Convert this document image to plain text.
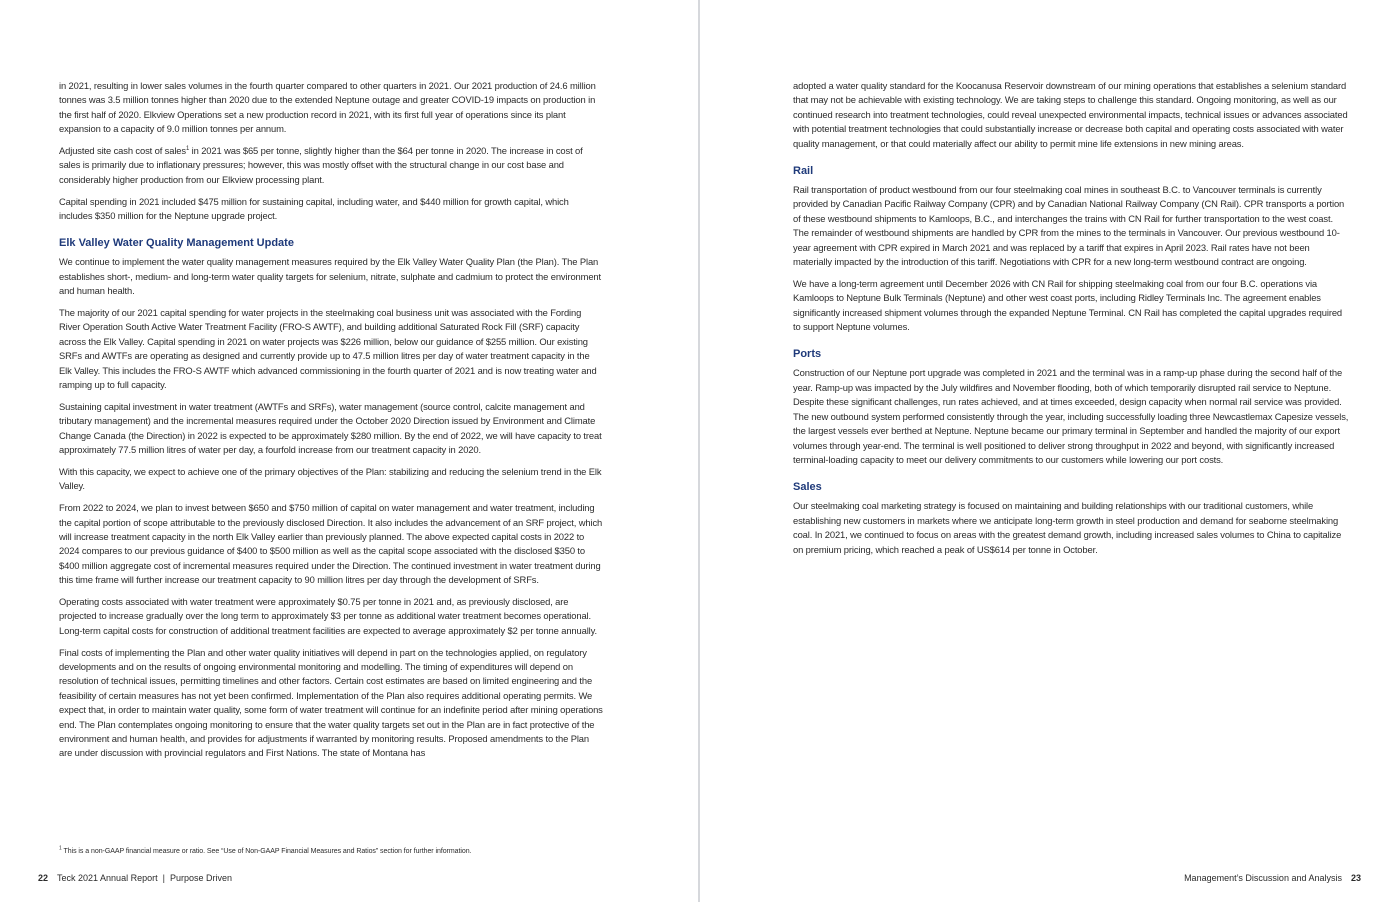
in 2021, resulting in lower sales volumes in the fourth quarter compared to other quarters in 2021. Our 2021 production of 24.6 million tonnes was 3.5 million tonnes higher than 2020 due to the extended Neptune outage and greater COVID-19 impacts on production in the first half of 2020. Elkview Operations set a new production record in 2021, with its first full year of operations since its plant expansion to a capacity of 9.0 million tonnes per annum.

Adjusted site cash cost of sales$^1$ in 2021 was $65 per tonne, slightly higher than the $64 per tonne in 2020. The increase in cost of sales is primarily due to inflationary pressures; however, this was mostly offset with the structural change in our cost base and considerably higher production from our Elkview processing plant.

Capital spending in 2021 included $475 million for sustaining capital, including water, and $440 million for growth capital, which includes $350 million for the Neptune upgrade project.

Elk Valley Water Quality Management Update

We continue to implement the water quality management measures required by the Elk Valley Water Quality Plan (the Plan). The Plan establishes short-, medium- and long-term water quality targets for selenium, nitrate, sulphate and cadmium to protect the environment and human health.

The majority of our 2021 capital spending for water projects in the steelmaking coal business unit was associated with the Fording River Operation South Active Water Treatment Facility (FRO-S AWTF), and building additional Saturated Rock Fill (SRF) capacity across the Elk Valley. Capital spending in 2021 on water projects was $226 million, below our guidance of $255 million. Our existing SRFs and AWTFs are operating as designed and currently provide up to 47.5 million litres per day of water treatment capacity in the Elk Valley. This includes the FRO-S AWTF which advanced commissioning in the fourth quarter of 2021 and is now treating water and ramping up to full capacity.

Sustaining capital investment in water treatment (AWTFs and SRFs), water management (source control, calcite management and tributary management) and the incremental measures required under the October 2020 Direction issued by Environment and Climate Change Canada (the Direction) in 2022 is expected to be approximately $280 million. By the end of 2022, we will have capacity to treat approximately 77.5 million litres of water per day, a fourfold increase from our treatment capacity in 2020.

With this capacity, we expect to achieve one of the primary objectives of the Plan: stabilizing and reducing the selenium trend in the Elk Valley.

From 2022 to 2024, we plan to invest between $650 and $750 million of capital on water management and water treatment, including the capital portion of scope attributable to the previously disclosed Direction. It also includes the advancement of an SRF project, which will increase treatment capacity in the north Elk Valley earlier than previously planned. The above expected capital costs in 2022 to 2024 compares to our previous guidance of $400 to $500 million as well as the capital scope associated with the disclosed $350 to $400 million aggregate cost of incremental measures required under the Direction. The continued investment in water treatment during this time frame will further increase our treatment capacity to 90 million litres per day through the development of SRFs.

Operating costs associated with water treatment were approximately $0.75 per tonne in 2021 and, as previously disclosed, are projected to increase gradually over the long term to approximately $3 per tonne as additional water treatment becomes operational. Long-term capital costs for construction of additional treatment facilities are expected to average approximately $2 per tonne annually.

Final costs of implementing the Plan and other water quality initiatives will depend in part on the technologies applied, on regulatory developments and on the results of ongoing environmental monitoring and modelling. The timing of expenditures will depend on resolution of technical issues, permitting timelines and other factors. Certain cost estimates are based on limited engineering and the feasibility of certain measures has not yet been confirmed. Implementation of the Plan also requires additional operating permits. We expect that, in order to maintain water quality, some form of water treatment will continue for an indefinite period after mining operations end. The Plan contemplates ongoing monitoring to ensure that the water quality targets set out in the Plan are in fact protective of the environment and human health, and provides for adjustments if warranted by monitoring results. Proposed amendments to the Plan are under discussion with provincial regulators and First Nations. The state of Montana has

$^1$ This is a non-GAAP financial measure or ratio. See “Use of Non-GAAP Financial Measures and Ratios” section for further information.
22 Teck 2021 Annual Report | Purpose Driven

adopted a water quality standard for the Koocanusa Reservoir downstream of our mining operations that establishes a selenium standard that may not be achievable with existing technology. We are taking steps to challenge this standard. Ongoing monitoring, as well as our continued research into treatment technologies, could reveal unexpected environmental impacts, technical issues or advances associated with potential treatment technologies that could substantially increase or decrease both capital and operating costs associated with water quality management, or that could materially affect our ability to permit mine life extensions in new mining areas.

Rail

Rail transportation of product westbound from our four steelmaking coal mines in southeast B.C. to Vancouver terminals is currently provided by Canadian Pacific Railway Company (CPR) and by Canadian National Railway Company (CN Rail). CPR transports a portion of these westbound shipments to Kamloops, B.C., and interchanges the trains with CN Rail for further transportation to the west coast. The remainder of westbound shipments are handled by CPR from the mines to the terminals in Vancouver. Our previous westbound 10-year agreement with CPR expired in March 2021 and was replaced by a tariff that expires in April 2023. Rail rates have not been materially impacted by the introduction of this tariff. Negotiations with CPR for a new long-term westbound contract are ongoing.

We have a long-term agreement until December 2026 with CN Rail for shipping steelmaking coal from our four B.C. operations via Kamloops to Neptune Bulk Terminals (Neptune) and other west coast ports, including Ridley Terminals Inc. The agreement enables significantly increased shipment volumes through the expanded Neptune Terminal. CN Rail has completed the capital upgrades required to support Neptune volumes.

Ports

Construction of our Neptune port upgrade was completed in 2021 and the terminal was in a ramp-up phase during the second half of the year. Ramp-up was impacted by the July wildfires and November flooding, both of which temporarily disrupted rail service to Neptune. Despite these significant challenges, run rates achieved, and at times exceeded, design capacity when normal rail service was provided. The new outbound system performed consistently through the year, including successfully loading three Newcastlemax Capesize vessels, the largest vessels ever berthed at Neptune. Neptune became our primary terminal in September and handled the majority of our export volumes through year-end. The terminal is well positioned to deliver strong throughput in 2022 and beyond, with significantly increased terminal-loading capacity to meet our delivery commitments to our customers while lowering our port costs.

Sales

Our steelmaking coal marketing strategy is focused on maintaining and building relationships with our traditional customers, while establishing new customers in markets where we anticipate long-term growth in steel production and demand for seaborne steelmaking coal. In 2021, we continued to focus on areas with the greatest demand growth, including increased sales volumes to China to capitalize on premium pricing, which reached a peak of US$614 per tonne in October.

Management’s Discussion and Analysis 23
